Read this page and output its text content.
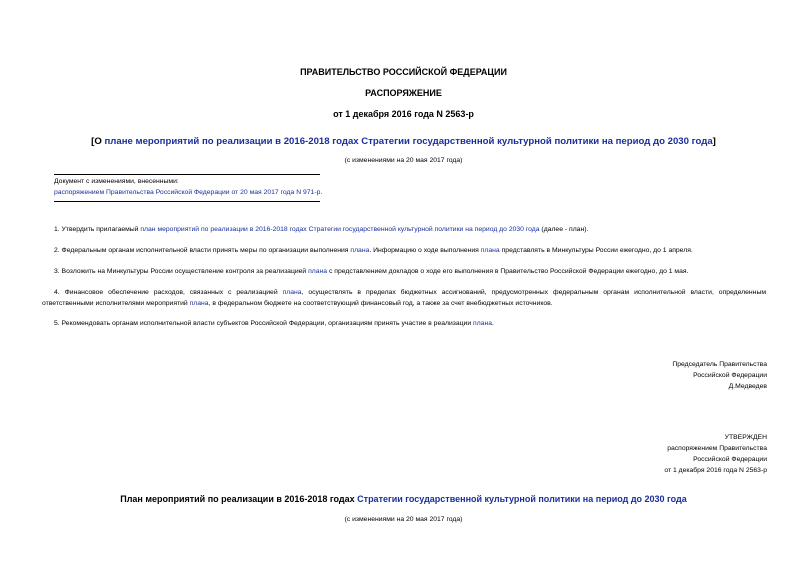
ПРАВИТЕЛЬСТВО РОССИЙСКОЙ ФЕДЕРАЦИИ
РАСПОРЯЖЕНИЕ
от 1 декабря 2016 года N 2563-р
[О плане мероприятий по реализации в 2016-2018 годах Стратегии государственной культурной политики на период до 2030 года]
(с изменениями на 20 мая 2017 года)
Документ с изменениями, внесенными:
распоряжением Правительства Российской Федерации от 20 мая 2017 года N 971-р.
1. Утвердить прилагаемый план мероприятий по реализации в 2016-2018 годах Стратегии государственной культурной политики на период до 2030 года (далее - план).
2. Федеральным органам исполнительной власти принять меры по организации выполнения плана. Информацию о ходе выполнения плана представлять в Минкультуры России ежегодно, до 1 апреля.
3. Возложить на Минкультуры России осуществление контроля за реализацией плана с представлением докладов о ходе его выполнения в Правительство Российской Федерации ежегодно, до 1 мая.
4. Финансовое обеспечение расходов, связанных с реализацией плана, осуществлять в пределах бюджетных ассигнований, предусмотренных федеральным органам исполнительной власти, определенным
ответственными исполнителями мероприятий плана, в федеральном бюджете на соответствующий финансовый год, а также за счет внебюджетных источников.
5. Рекомендовать органам исполнительной власти субъектов Российской Федерации, организациям принять участие в реализации плана.
Председатель Правительства
Российской Федерации
Д.Медведев
УТВЕРЖДЕН
распоряжением Правительства
Российской Федерации
от 1 декабря 2016 года N 2563-р
План мероприятий по реализации в 2016-2018 годах Стратегии государственной культурной политики на период до 2030 года
(с изменениями на 20 мая 2017 года)
